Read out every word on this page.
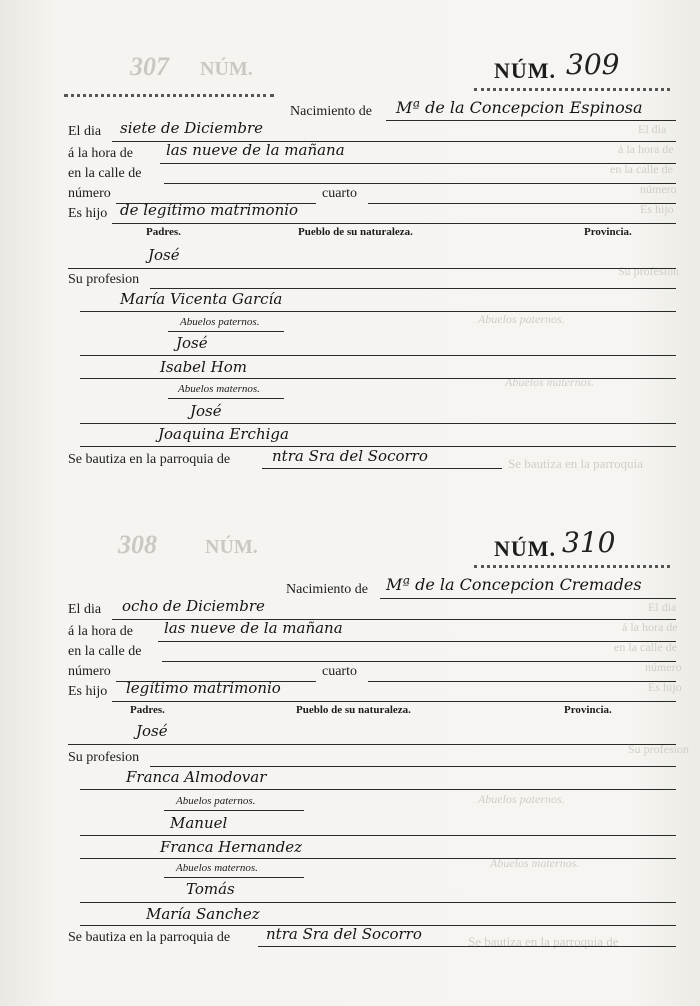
NÚM.
307
NÚM.
308
El dia
á la hora de
en la calle de
número
Es hijo
Su profesion
Abuelos paternos.
Abuelos maternos.
Se bautiza en la parroquia
El dia
á la hora de
en la calle de
número
Es hijo
Su profesion
Abuelos paternos.
Abuelos maternos.
Se bautiza en la parroquia de
NÚM. 309
Nacimiento de Mª de la Concepcion Espinosa
El dia siete de Diciembre
á la hora de las nueve de la mañana
en la calle de
número	cuarto
Es hijo de legítimo matrimonio
Padres.	Pueblo de su naturaleza.	Provincia.
José
Su profesion
María Vicenta García
Abuelos paternos.
José
Isabel Hom
Abuelos maternos.
José
Joaquina Erchiga
Se bautiza en la parroquia de	ntra Sra del Socorro
NÚM. 310
Nacimiento de Mª de la Concepcion Cremades
El dia ocho de Diciembre
á la hora de las nueve de la mañana
en la calle de
número	cuarto
Es hijo legítimo matrimonio
Padres.	Pueblo de su naturaleza.	Provincia.
José
Su profesion
Franca Almodovar
Abuelos paternos.
Manuel
Franca Hernandez
Abuelos maternos.
Tomás
María Sanchez
Se bautiza en la parroquia de ntra Sra del Socorro
